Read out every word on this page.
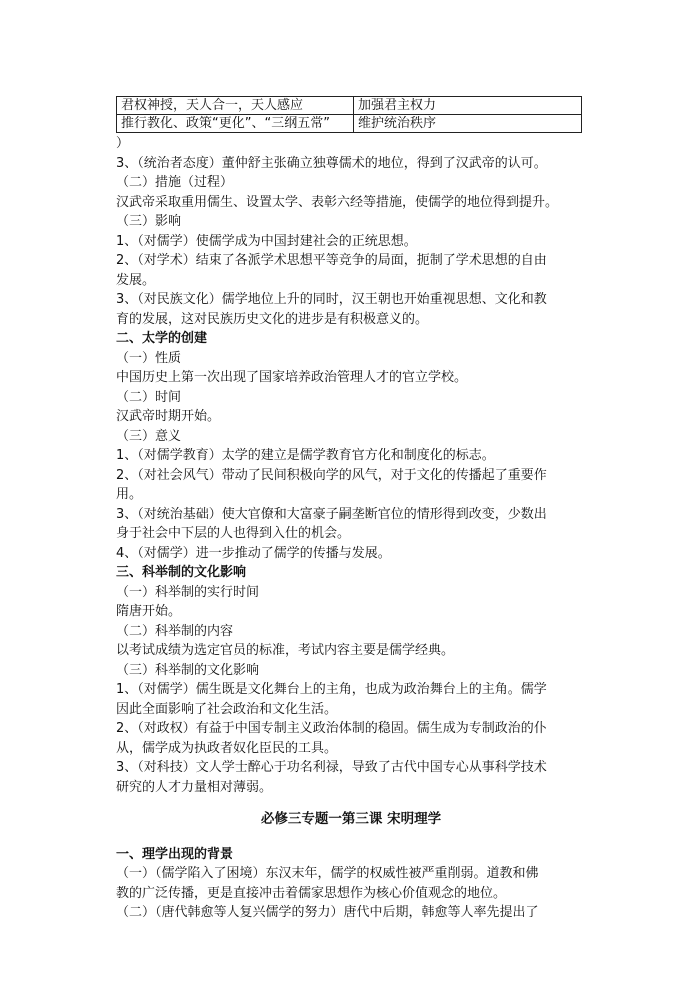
君权神授，天人合一，天人感应	加强君主权力
推行教化、政策“更化”、“三纲五常”	维护统治秩序

）

3、（统治者态度）董仲舒主张确立独尊儒术的地位，得到了汉武帝的认可。

（二）措施（过程）

汉武帝采取重用儒生、设置太学、表彰六经等措施，使儒学的地位得到提升。

（三）影响

1、（对儒学）使儒学成为中国封建社会的正统思想。

2、（对学术）结束了各派学术思想平等竞争的局面，扼制了学术思想的自由

发展。

3、（对民族文化）儒学地位上升的同时，汉王朝也开始重视思想、文化和教

育的发展，这对民族历史文化的进步是有积极意义的。

二、太学的创建

（一）性质

中国历史上第一次出现了国家培养政治管理人才的官立学校。

（二）时间

汉武帝时期开始。

（三）意义

1、（对儒学教育）太学的建立是儒学教育官方化和制度化的标志。

2、（对社会风气）带动了民间积极向学的风气，对于文化的传播起了重要作

用。

3、（对统治基础）使大官僚和大富豪子嗣垄断官位的情形得到改变，少数出

身于社会中下层的人也得到入仕的机会。

4、（对儒学）进一步推动了儒学的传播与发展。

三、科举制的文化影响

（一）科举制的实行时间

隋唐开始。

（二）科举制的内容

以考试成绩为选定官员的标准，考试内容主要是儒学经典。

（三）科举制的文化影响

1、（对儒学）儒生既是文化舞台上的主角，也成为政治舞台上的主角。儒学

因此全面影响了社会政治和文化生活。

2、（对政权）有益于中国专制主义政治体制的稳固。儒生成为专制政治的仆

从，儒学成为执政者奴化臣民的工具。

3、（对科技）文人学士醉心于功名利禄，导致了古代中国专心从事科学技术

研究的人才力量相对薄弱。

必修三专题一第三课 宋明理学

一、理学出现的背景

（一）（儒学陷入了困境）东汉末年，儒学的权威性被严重削弱。道教和佛

教的广泛传播，更是直接冲击着儒家思想作为核心价值观念的地位。

（二）（唐代韩愈等人复兴儒学的努力）唐代中后期，韩愈等人率先提出了
